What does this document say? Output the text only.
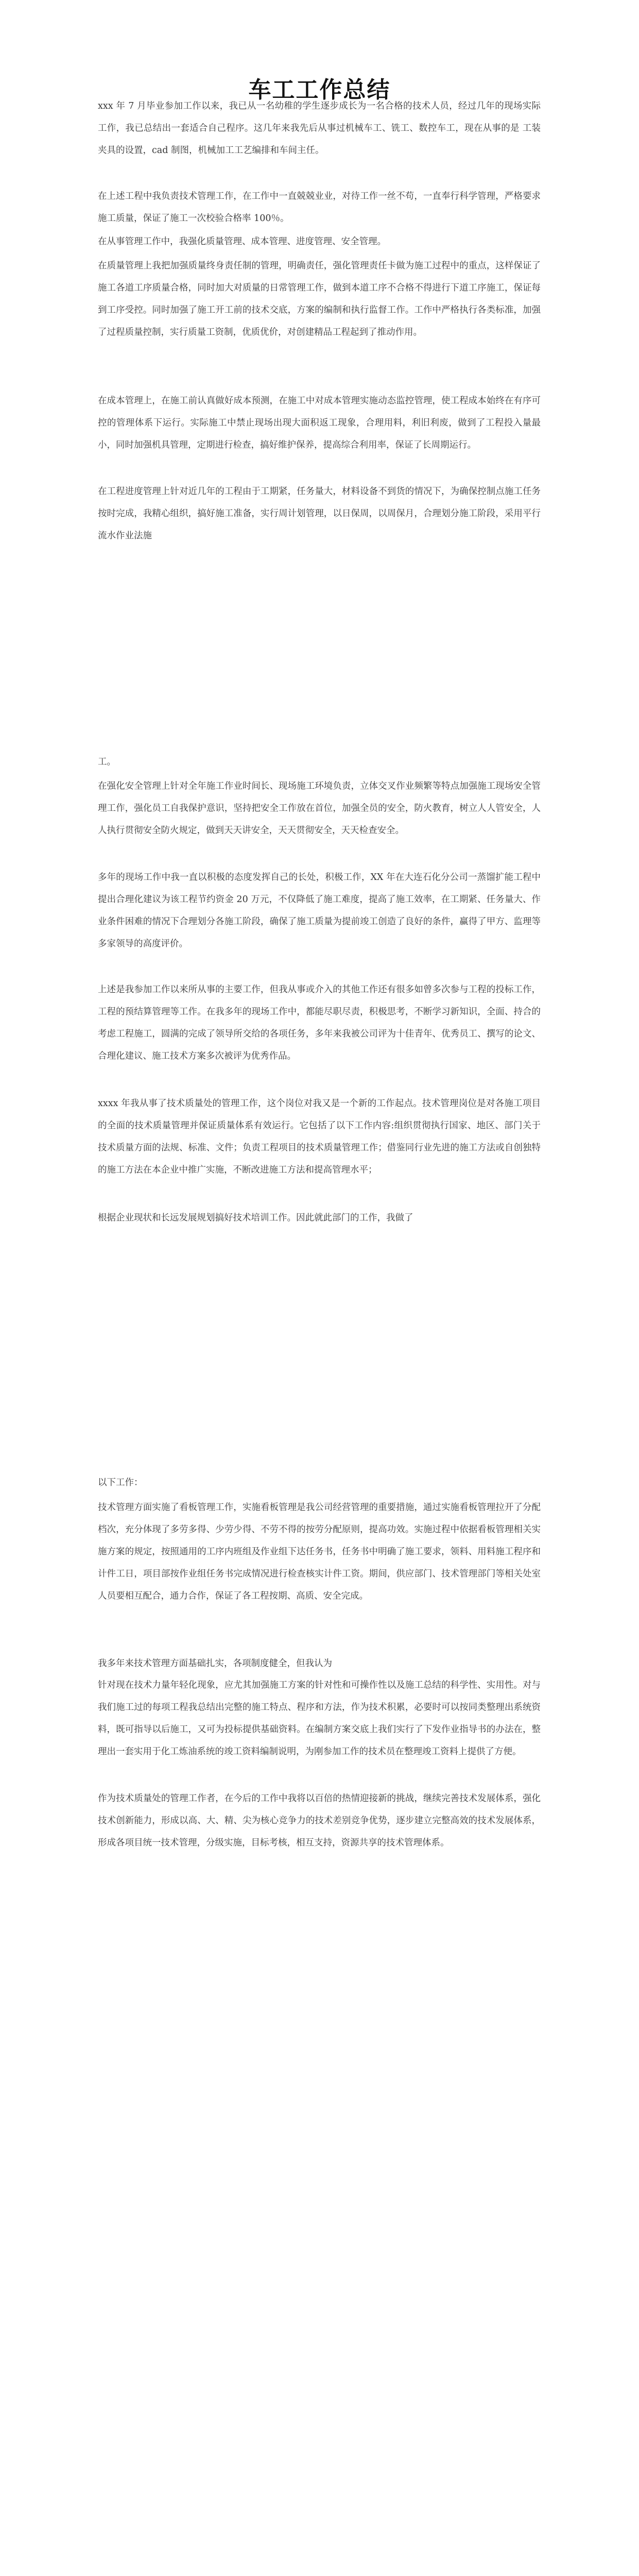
车工工作总结

xxx 年 7 月毕业参加工作以来，我已从一名幼稚的学生逐步成长为一名合格的技术人员，经过几年的现场实际工作，我已总结出一套适合自己程序。这几年来我先后从事过机械车工、铣工、数控车工，现在从事的是 工装夹具的设置，cad 制图，机械加工工艺编排和车间主任。

在上述工程中我负责技术管理工作，在工作中一直兢兢业业，对待工作一丝不苟，一直奉行科学管理，严格要求施工质量，保证了施工一次校验合格率 100％。

在从事管理工作中，我强化质量管理、成本管理、进度管理、安全管理。

在质量管理上我把加强质量终身责任制的管理，明确责任，强化管理责任卡做为施工过程中的重点，这样保证了施工各道工序质量合格，同时加大对质量的日常管理工作，做到本道工序不合格不得进行下道工序施工，保证每到工序受控。同时加强了施工开工前的技术交底，方案的编制和执行监督工作。工作中严格执行各类标准，加强了过程质量控制，实行质量工资制，优质优价，对创建精品工程起到了推动作用。

在成本管理上，在施工前认真做好成本预测，在施工中对成本管理实施动态监控管理，使工程成本始终在有序可控的管理体系下运行。实际施工中禁止现场出现大面积返工现象，合理用料，利旧利废，做到了工程投入量最小，同时加强机具管理，定期进行检查，搞好维护保养，提高综合利用率，保证了长周期运行。

在工程进度管理上针对近几年的工程由于工期紧，任务量大，材料设备不到货的情况下，为确保控制点施工任务按时完成，我精心组织，搞好施工准备，实行周计划管理，以日保周，以周保月，合理划分施工阶段，采用平行流水作业法施

工。

在强化安全管理上针对全年施工作业时间长、现场施工环境负责，立体交叉作业频繁等特点加强施工现场安全管理工作，强化员工自我保护意识，坚持把安全工作放在首位，加强全员的安全，防火教育，树立人人管安全，人人执行贯彻安全防火规定，做到天天讲安全，天天贯彻安全，天天检查安全。

多年的现场工作中我一直以积极的态度发挥自己的长处，积极工作，XX 年在大连石化分公司一蒸馏扩能工程中提出合理化建议为该工程节约资金 20 万元，不仅降低了施工难度，提高了施工效率，在工期紧、任务量大、作业条件困难的情况下合理划分各施工阶段，确保了施工质量为提前竣工创造了良好的条件，赢得了甲方、监理等多家领导的高度评价。

上述是我参加工作以来所从事的主要工作，但我从事或介入的其他工作还有很多如曾多次参与工程的投标工作，工程的预结算管理等工作。在我多年的现场工作中，都能尽职尽责，积极思考，不断学习新知识，全面、持合的考虑工程施工，圆满的完成了领导所交给的各项任务，多年来我被公司评为十佳青年、优秀员工、撰写的论文、合理化建议、施工技术方案多次被评为优秀作品。

xxxx 年我从事了技术质量处的管理工作，这个岗位对我又是一个新的工作起点。技术管理岗位是对各施工项目的全面的技术质量管理并保证质量体系有效运行。它包括了以下工作内容:组织贯彻执行国家、地区、部门关于技术质量方面的法规、标准、文件；负责工程项目的技术质量管理工作；借鉴同行业先进的施工方法或自创独特的施工方法在本企业中推广实施，不断改进施工方法和提高管理水平；

根据企业现状和长远发展规划搞好技术培训工作。因此就此部门的工作，我做了

以下工作：

技术管理方面实施了看板管理工作，实施看板管理是我公司经营管理的重要措施，通过实施看板管理拉开了分配档次，充分体现了多劳多得、少劳少得、不劳不得的按劳分配原则，提高功效。实施过程中依据看板管理相关实施方案的规定，按照通用的工序内班组及作业组下达任务书，任务书中明确了施工要求，领料、用料施工程序和计件工日，项目部按作业组任务书完成情况进行检查核实计件工资。期间，供应部门、技术管理部门等相关处室人员要相互配合，通力合作，保证了各工程按期、高质、安全完成。

我多年来技术管理方面基础扎实，各项制度健全，但我认为

针对现在技术力量年轻化现象，应尤其加强施工方案的针对性和可操作性以及施工总结的科学性、实用性。对与我们施工过的每项工程我总结出完整的施工特点、程序和方法，作为技术积累，必要时可以按同类整理出系统资料，既可指导以后施工，又可为投标提供基础资料。在编制方案交底上我们实行了下发作业指导书的办法在，整理出一套实用于化工炼油系统的竣工资料编制说明，为刚参加工作的技术员在整理竣工资料上提供了方便。

作为技术质量处的管理工作者，在今后的工作中我将以百倍的热情迎接新的挑战，继续完善技术发展体系，强化技术创新能力，形成以高、大、精、尖为核心竞争力的技术差别竞争优势，逐步建立完整高效的技术发展体系，形成各项目统一技术管理，分级实施，目标考核，相互支持，资源共享的技术管理体系。
